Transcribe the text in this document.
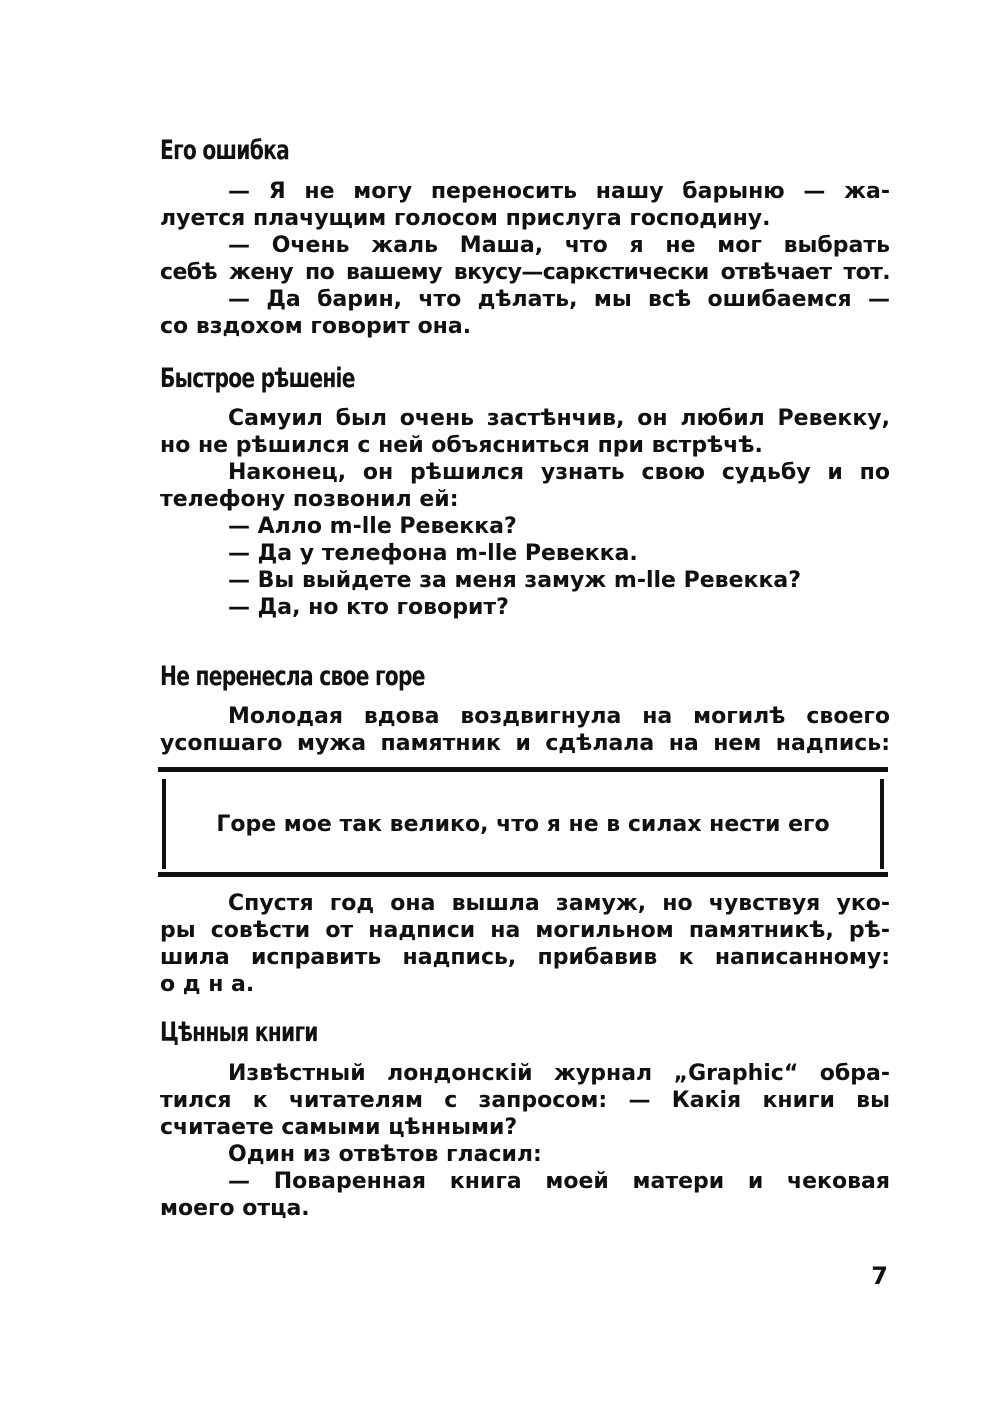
Его ошибка

— Я не могу переносить нашу барыню — жа-

луется плачущим голосом прислуга господину.

— Очень жаль Маша, что я не мог выбрать

себѣ жену по вашему вкусу—саркстически отвѣчает тот.

— Да барин, что дѣлать, мы всѣ ошибаемся —

со вздохом говорит она.

Быстрое рѣшенiе

Самуил был очень застѣнчив, он любил Ревекку,

но не рѣшился с ней объясниться при встрѣчѣ.

Наконец, он рѣшился узнать свою судьбу и по

телефону позвонил ей:

— Алло m-lle Ревекка?

— Да у телефона m-lle Ревекка.

— Вы выйдете за меня замуж m-lle Ревекка?

— Да, но кто говорит?

Не перенесла свое горе

Молодая вдова воздвигнула на могилѣ своего

усопшаго мужа памятник и сдѣлала на нем надпись:

Горе мое так велико, что я не в силах нести его

Спустя год она вышла замуж, но чувствуя уко-

ры совѣсти от надписи на могильном памятникѣ, рѣ-

шила исправить надпись, прибавив к написанному:

о д н а.

Цѣнныя книги

Извѣстный лондонскiй журнал „Graphic“ обра-

тился к читателям с запросом: — Какiя книги вы

считаете самыми цѣнными?

Один из отвѣтов гласил:

— Поваренная книга моей матери и чековая

моего отца.

7
